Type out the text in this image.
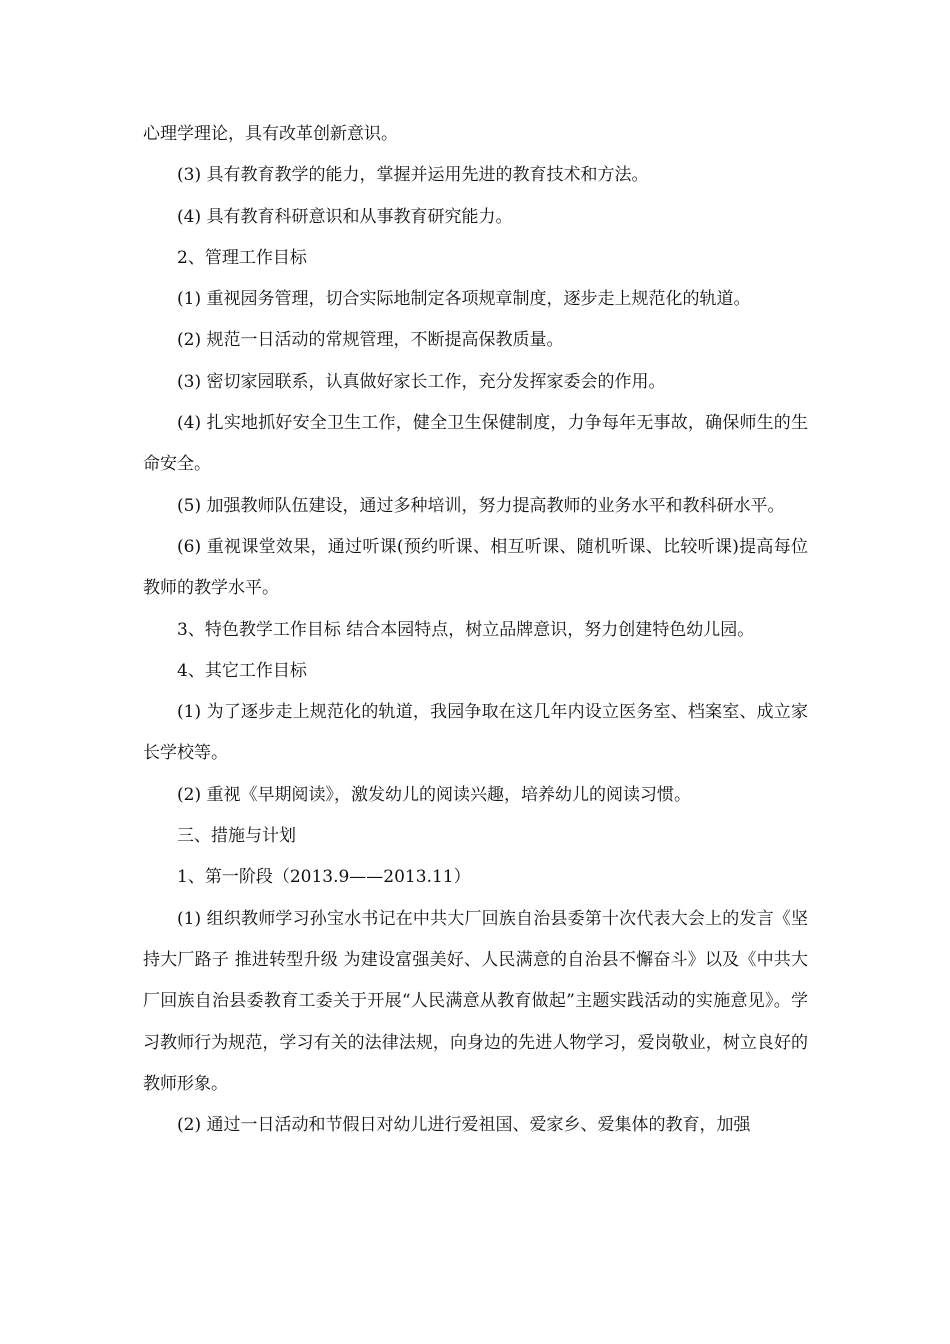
心理学理论，具有改革创新意识。

(3) 具有教育教学的能力，掌握并运用先进的教育技术和方法。

(4) 具有教育科研意识和从事教育研究能力。

2、管理工作目标

(1) 重视园务管理，切合实际地制定各项规章制度，逐步走上规范化的轨道。

(2) 规范一日活动的常规管理，不断提高保教质量。

(3) 密切家园联系，认真做好家长工作，充分发挥家委会的作用。

(4) 扎实地抓好安全卫生工作，健全卫生保健制度，力争每年无事故，确保师生的生命安全。

(5) 加强教师队伍建设，通过多种培训，努力提高教师的业务水平和教科研水平。

(6) 重视课堂效果，通过听课(预约听课、相互听课、随机听课、比较听课)提高每位教师的教学水平。

3、特色教学工作目标 结合本园特点，树立品牌意识，努力创建特色幼儿园。

4、其它工作目标

(1) 为了逐步走上规范化的轨道，我园争取在这几年内设立医务室、档案室、成立家长学校等。

(2) 重视《早期阅读》，激发幼儿的阅读兴趣，培养幼儿的阅读习惯。

三、措施与计划

1、第一阶段（2013.9——2013.11）

(1) 组织教师学习孙宝水书记在中共大厂回族自治县委第十次代表大会上的发言《坚持大厂路子 推进转型升级 为建设富强美好、人民满意的自治县不懈奋斗》以及《中共大厂回族自治县委教育工委关于开展“人民满意从教育做起”主题实践活动的实施意见》。学习教师行为规范，学习有关的法律法规，向身边的先进人物学习，爱岗敬业，树立良好的教师形象。

(2) 通过一日活动和节假日对幼儿进行爱祖国、爱家乡、爱集体的教育，加强
